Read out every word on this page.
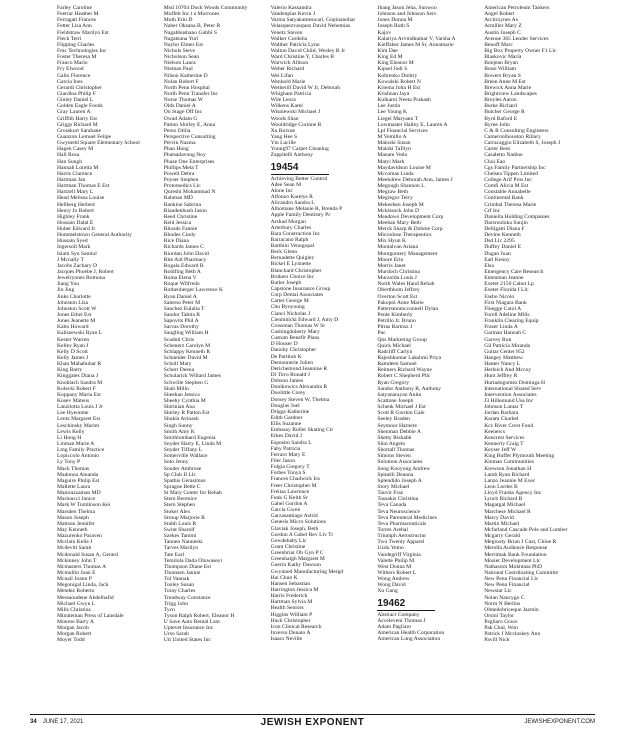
Farley Caroline
Feerrar Heather M
Ferragati Frances
Fetter Lisa Ann
Fieldstraw Marilyn Est
Fleck Terri
Flipping Charles
Fmc Technologies Inc
Foster Theresa M
Franco Mario
Fry Elwood
Gallo Florence
Garcia Ines
Gerardi Christopher
Giardina Philip F
Ginley Daniel L
Golden Eagle Foods
Gray Lauren A
Griffith Harry Est
Griggs Richard M
Grosskurt Sarahane
Guanzon Lemuel Felipe
Gwynedd Square Elementary School
Hagen Casey M
Hall Rosa
Han Sungh
Hannah Loretta M
Harris Clarence
Hartman Jan
Hartman Thomas E Est
Hartzell Mary L
Head Melissa Louise
Hellberg Herbert
Henry Jo Robert
Highley Frank
Hossain Dalal E
Huber Edward Jr
Hummelstown General Authority
Hussain Syed
Ingersoll Mark
Islam Syn Samiul
J Mcnally T
Jacobs Zachary D
Jacques Phoebe J, Robert
Jewelryones Romona
Jiang You
Jin Jing
Jinks Charlotte
Johnston Lisa
Johnston Scott W
Jones Ethel Est
Jones Jeanette M
Kahn Howard
Kaliszewski Ryan L
Kester Warren
Kelley Ryan J
Kelly D Scott
Kelly James J
Khan Mahabubar R
King Barry
Kinggates Diana J
Knoblach Sandra M
Kolecki Robert F
Koppany Maria Est
Kosev Mateus
Lanzilotta Louis J Jr
Lee Hyeonme
Lentz Margaret Est
Leschinsky Marim
Lewis Kelly
Li Hung H
Linman Marie A
Lmg Family Practice
Lopiccolo Antonio
Ly Tony P
Mack Thomas
Madonna Amanda
Maguire Philip Est
Mallette Laura
Manirazzaman MD
Marinucci Janice
Mark W Tomlinson Kei
Marsden Thelma
Mason Joseph
Mattson Jennifer
May Kenneth
Mazurenko Paraven
Mcclain Kelle J
Mcdevitt Sarah
Mcdonald Susan A, Gerard
Mckinney John T
Mcmasters Thomas A
Mcmullin Joan E
Mcnail Joann P
Megonigal Linda, Jack
Mendez Roberto
Messaoudene Abdelhafid
Michael Gwyn L
Mills Christina
Minuteman Press of Lansdale
Monroe Barry A
Morgan Jacob
Morgan Robert
Moyer Todd
Msd 10704 Dock Woods Community
Muffett Inc t a Morrones
Muth Erin D
Naber Oksana B, Peter R
Nagabhushano Gubbi S
Nagatsuna Yuri
Naylor Elmer Est
Nichols Steve
Nicholson Sean
Nielson Laura
Nieman Paul
Nilson Katherine D
Nolan Robert F
North Penn Hospital
North Penn Transfer Inc
Nurse Thomas W
Olds Daniel A
On Stage Off Inc
Owad Adam G
Patton Shirley E, Anna
Perez Otilia
Perspective Consulting
Pervin Nazma
Phan Hung
Phatsadavong Noy
Phaze One Enterprises
Phillips Meta T
Powell Debra
Poyser Stephen
Protomedics Llc
Qureshi Mohammad N
Rahman MD
Rankine Sabrina
Riaudenbush Jason
Reed Christine
Reid Jessica
Rhoads Fannie
Rhodes Cindy
Rice Diana
Richards James C
Riordan John David
Rite Aid Pharmacy
Rogala Edward B
Rohlfing Beth A
Roma Elena V
Roque Wilfredo
Rothenberger Lawrence K
Ryan Daniel A
Salerno Peter M
Sanchez Eulalia T
Sandor Tabita R
Sapovits Phil A
Sarvas Dorothy
Saugling William H
Scaduti Chris
Schenerz Carolyn M
Schlappy Kenneth R
Schneider David M
Scholl Mary
Scherr Deena
Schularick Willard James
Schwille Stephen G
Shah Milin
Sheehan Jessica
Sheehy Cynthia M
Shirinian Ana
Shirley R Patton Est
Shukla Avinash
Singh Sunny
Smith Amy K
Smithlombard Eugenia
Snyder Harry E, Linda M
Snyder Tiffany L
Somerville Wallace
Soto Jenny
Souder Ambrose
Sp Club II Llc
Spathis Gerasimos
Sprague Bette C
St Mary Center for Rehab
Stern Berenice
Stern Stephen
Stoker Alex
Stroup Marjorie R
Stubb Louis R
Swint Sharolf
Szekes Tammi
Tannen Nanneski
Tarves Marilyn
Tate Earl
Temilola Dada Oluwaseyi
Thompson Diane Est
Thomsen Janine
Tol Vannak
Tooley Susan
Toray Charles
Treadway Constance
Trigg John
Tycn
Tyson Ralph Robert, Eleanor H
U Save Auto Rental Lsm
Uptevet Insurance Inc
Urso Sarah
Uti United States Inc
Valerio Kassandra
Vandenplas Kevin J
Varma Satyakameswari, Gopinanohar
Velasquezvasquez David Nehemias
Venetz Steven
Walker Cordelia
Walther Patricia Lynn
Walton David Child, Wesley B Jr
Ward Christine Y, Charles B
Warwick Allison
Weber Richard
Wei Lifan
Wenhold Marie
Wetherill David W Jr, Deborah
Whigham Patricia
Wile Leora
Wilkens Karel
Wisniewski Michael J
Woods Shan
Wooldridge Corinne R
Xu Ruixue
Yang Hee S
Yin Lucille
Young97 Carpet Cleaning
Zappitelli Anthony
19454
Achieving Better Control
Adee Sean M
Alone Inc
Alfonzo Karelys R
Alicandro Sandra L
Alhomane Melanie R, Brenda P
Apple Family Dentistry Pc
Arshad Morgan
Arterbury Charles
Bara Construction Inc
Barracano Ralph
Barthini Venugopal
Beck Glenn
Bernadette Quigley
Bickel E Lynnette
Blanchard Christopher
Brokers Choice Inc
Butler Joseph
Capstone Insurance Group
Corp Dental Associates
Carter George M
Chu Byoyoung
Cianci Nicholas J
Cienmnicki Edward J, Amy D
Crossman Thomas W Sr
Cushingdoherty Mary
Custom Benefit Plans
D Houser D
Danoby Christopher
De Partitoh K
Demonnerie Julien
Derichemond Jeannine R
Di Tirro Ronald J
Dobson James
Donikowics Alexandra R
Doolittle Corey
Dorsey Steven W, Thelma
Douglas Joel
Driggs Katherine
Edith Gardner
Ellis Suzanne
Embassy Roller Skating Ctr
Erkes David J
Esposito Sandra L
Faby Patricia
Ferraro Mary E
Filer Jason
Folgia Gregory T
Forbes Tonya S
Frances Chadwick Ira
Freer Christopher M
Freitas Lawrence
Funk G Keith Sr
Gabel Gordon A
Garcia Gwen
Garzasantiago Astrid
Genesis Micro Solutions
Glaviak Joseph, Beth
Gordon A Gabel Rev Liv Tr
Gowdebaby Llc
Grant Christine
Greenbriar Ob Gyn P C
Greenhalgh Margaret M
Guerin Kathy Dawson
Gwynned Manufacturing Mergd
Hai Chun K
Hansen Sebastian
Harrington Jessica M
Harris Frederick
Hartman Sylvia M
Health Seniors
Higgins William P
Huck Christopher
Icon Clinical Research
Inverso Donato A
Isaacs Neville
Jhang Jason Jeha, Sunwoo
Johnson and Johnson Serv
Jones Donna M
Joseph Ruth S
Kajov
Kalariya Arvindkumar V, Varsha A
Kieffaber James M Sr, Annamarie
Kim Dae
King Ed M
King Eleanor M
Kipsel Jodi S
Kobrenko Dmitry
Kowalski Robert N
Kriema John H Est
Krishnan Jaya
Kulkarni Neeta Prakash
Lee Justin
Lee Young K
Liegel Maryann T
Lowmaster Hailey E, Lauren A
Lpl Financial Services
M Vemillo A
Maloski Susan
Maloki Tafilyn
Manam Veda
Matyi Mark
Maydavidson Louise M
Mccomas Linda
Meekdrew Deborah Ann, James J
Megough Shannon L
Megraw Beth
Megregor Terry
Mekeehen Joseph M
Mckissock John D
Meadows Development Corp
Meehan Mary Beth
Merck Sharp & Dohme Corp
Microdose Therapeutics
Mix Hyun K
Montalvan Ariana
Montgomery Management
Moore Erin
Morris Janet
Murdoch Christina
Murzolda Louis J
North Wales Hand Rehab
Oberthhom Jeffrey
Overton Scott Est
Pakopol Anne Marie
Patterstonmcconnell Dylan
Pente Kimberly
Petrillo Jr. Bruno
Pitras Bartosz J
Puc
Qns Marketing Group
Quick Michael
Radcliff Carlyn
Rajeshkumar Lakshmi Priya
Ramdeen Samuel
Reimers Richard Wayne
Robert C Shepherd Pllc
Ryan Gregory
Sandor Anthony R, Anthony
Satyanarayan Anita
Scattone Joseph
Schenk Michael J Est
Scott R Gordon Gale
Seeley Braden
Seymour Harnere
Shenman Debbie A
Shetty Rishabh
Shin Angelo
Shortall Thomas
Simons Steven
Solomon Associates
Song Kooyong Andrew
Spinelli Deanna
Splendido Joseph A
Story Michael
Tauvir Fraz
Tassakis Christina
Teva Canada
Teva Neuroscience
Teva Parenteral Medicines
Teva Pharmaceuticals
Torres Arebal
Triumph Aerostructur
Two Twenty Apparel
Uzdo Yemo
Vandegriff Virginia
Valette Philip M
West Donna M
Withers Robert L
Wong Andrew
Wong David
Xu Gang
19462
Abstract Company
Accelevent Thomas J
Adam Pagliaro
American Health Corporation
American Lung Association
American Petroleum Tankers
Angel Robert
Arcticsynes As
Armiller Mary Z
Austin Joseph C
Avenue 365 Lender Services
Benoff Marc
Big Box Property Owner F1 Llc
Blaskovic Maria
Bonjean Bryan
Bossi William
Bowers Bryan S
Breen Anne M Est
Brewick Anna Marie
Brightview Landscapes
Broyles Aaron
Burke Richard
Butcher George R
Byrd Baford E
Byrne John
C & R Consulting Engineers
Cameronlhouston Rillary
Carracaggio Elizabeth S, Joseph J
Carter Bess
Casaletto Nadine
Choi Eao
Cgs Family Partnership Inc
Chelsea Tippen Limited
College Arif Pros Inc
Comfi Alicia M Est
Constable Annabelle
Continental Bank
Crimbal Theresa Marie
Crf Inc
Daniella Holding Companies
Darsrouloka Sunjin
Delligatti Diana F
Devine Kenneth
Dsd Llc 2295
Duffey Daniel E
Dugan Joan
Earl Kenny
Elsa
Emergency Care Research
Entenman Jeanne
Exeter 2150 Cabot Lp
Exeter Florida I Llc
Fasho Nicolo
First Niagara Bank
Fluegge Carol A
Forell Adeline Mills
Franklin Clearing Equip
Fraser Linda A
Garman Hannah C
Garvey Ron
Gil Patricia Miranda
Guitar Center 852
Hangey Matthew
Hanter Nancy L
Herleich And Mccoy
Hunt Jeffrey R
Hurtadogomez Dominga H
International Shared Serv
Intervention Associates
J3 Hillemund Usa Inc
Johnson Lamar T
Jordan Barbara
Karam Charbel
Kcc River Crest Fund
Keenercs
Kencrest Services
Kennerly Craig T
Keyser Jeff W
King Buffet Plymouth Meeting
Kinman Communities
Krewson Jonathan H
Lamb Ryan Richard
Lanzo Jeannie M Exec
Leon Lordes B
Lloyd Franks Agency Inc
Lynch Richard B
Magargal Michael
Marchese Michael R
Marcy David
Martin Michael
Mcfarland Cascade Pole and Lumber
Mcgarry Gerald
Megroaty Brian J Cust, Chloe R
Merolla Audience Response
Merrimak Bank Foundation
Mosier Development Llc
Nathasorn Mokhtasa PhD
National Coordinating Committe
New Penn Financial Llc
New Penn Financial
Newstar Llc
Nolan Nancygo C
Norm N Berlins
Olmedobriceque Jazmin
Orsini Taylor
Pagliaro Grace
Pak Chul, Won
Patrick J Mccloskey Ann
Pavill Nick
34 JUNE 17, 2021	JEWISH EXPONENT	JEWISHEXPONENT.COM
